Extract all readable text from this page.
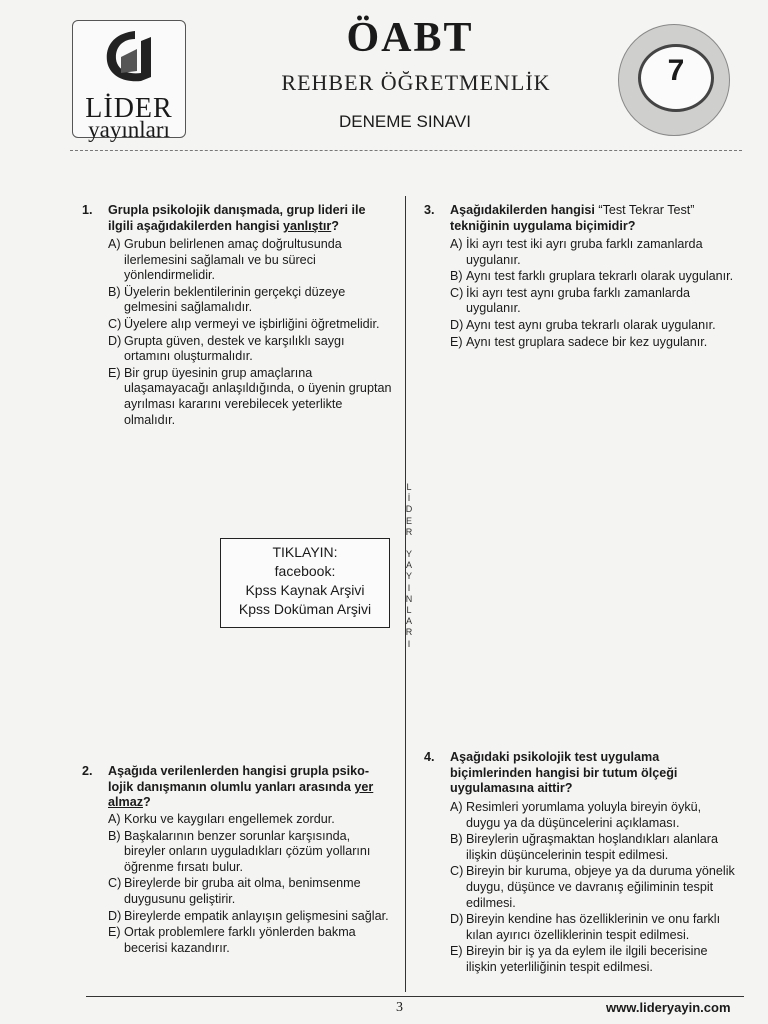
LİDER
yayınları
ÖABT
REHBER ÖĞRETMENLİK
DENEME SINAVI
7
1. Grupla psikolojik danışmada, grup lideri ile
ilgili aşağıdakilerden hangisi yanlıştır?
A) Grubun belirlenen amaç doğrultusunda ilerlemesini sağlamalı ve bu süreci yönlendirmelidir.
B) Üyelerin beklentilerinin gerçekçi düzeye gelmesini sağlamalıdır.
C) Üyelere alıp vermeyi ve işbirliğini öğretmelidir.
D) Grupta güven, destek ve karşılıklı saygı ortamını oluşturmalıdır.
E) Bir grup üyesinin grup amaçlarına ulaşamayacağı anlaşıldığında, o üyenin gruptan ayrılması kararını verebilecek yeterlikte olmalıdır.
3. Aşağıdakilerden hangisi “Test Tekrar Test” tekniğinin uygulama biçimidir?
A) İki ayrı test iki ayrı gruba farklı zamanlarda uygulanır.
B) Aynı test farklı gruplara tekrarlı olarak uygulanır.
C) İki ayrı test aynı gruba farklı zamanlarda uygulanır.
D) Aynı test aynı gruba tekrarlı olarak uygulanır.
E) Aynı test gruplara sadece bir kez uygulanır.
L
İ
D
E
R
Y
A
Y
I
N
L
A
R
I
TIKLAYIN:
facebook:
Kpss Kaynak Arşivi
Kpss Doküman Arşivi
2. Aşağıda verilenlerden hangisi grupla psiko-
lojik danışmanın olumlu yanları arasında yer almaz?
A) Korku ve kaygıları engellemek zordur.
B) Başkalarının benzer sorunlar karşısında, bireyler onların uyguladıkları çözüm yollarını öğrenme fırsatı bulur.
C) Bireylerde bir gruba ait olma, benimsenme duygusunu geliştirir.
D) Bireylerde empatik anlayışın gelişmesini sağlar.
E) Ortak problemlere farklı yönlerden bakma becerisi kazandırır.
4. Aşağıdaki psikolojik test uygulama biçimlerinden hangisi bir tutum ölçeği uygulamasına aittir?
A) Resimleri yorumlama yoluyla bireyin öykü, duygu ya da düşüncelerini açıklaması.
B) Bireylerin uğraşmaktan hoşlandıkları alanlara ilişkin düşüncelerinin tespit edilmesi.
C) Bireyin bir kuruma, objeye ya da duruma yönelik duygu, düşünce ve davranış eğiliminin tespit edilmesi.
D) Bireyin kendine has özelliklerinin ve onu farklı kılan ayırıcı özelliklerinin tespit edilmesi.
E) Bireyin bir iş ya da eylem ile ilgili becerisine ilişkin yeterliliğinin tespit edilmesi.
3	www.lideryayin.com
